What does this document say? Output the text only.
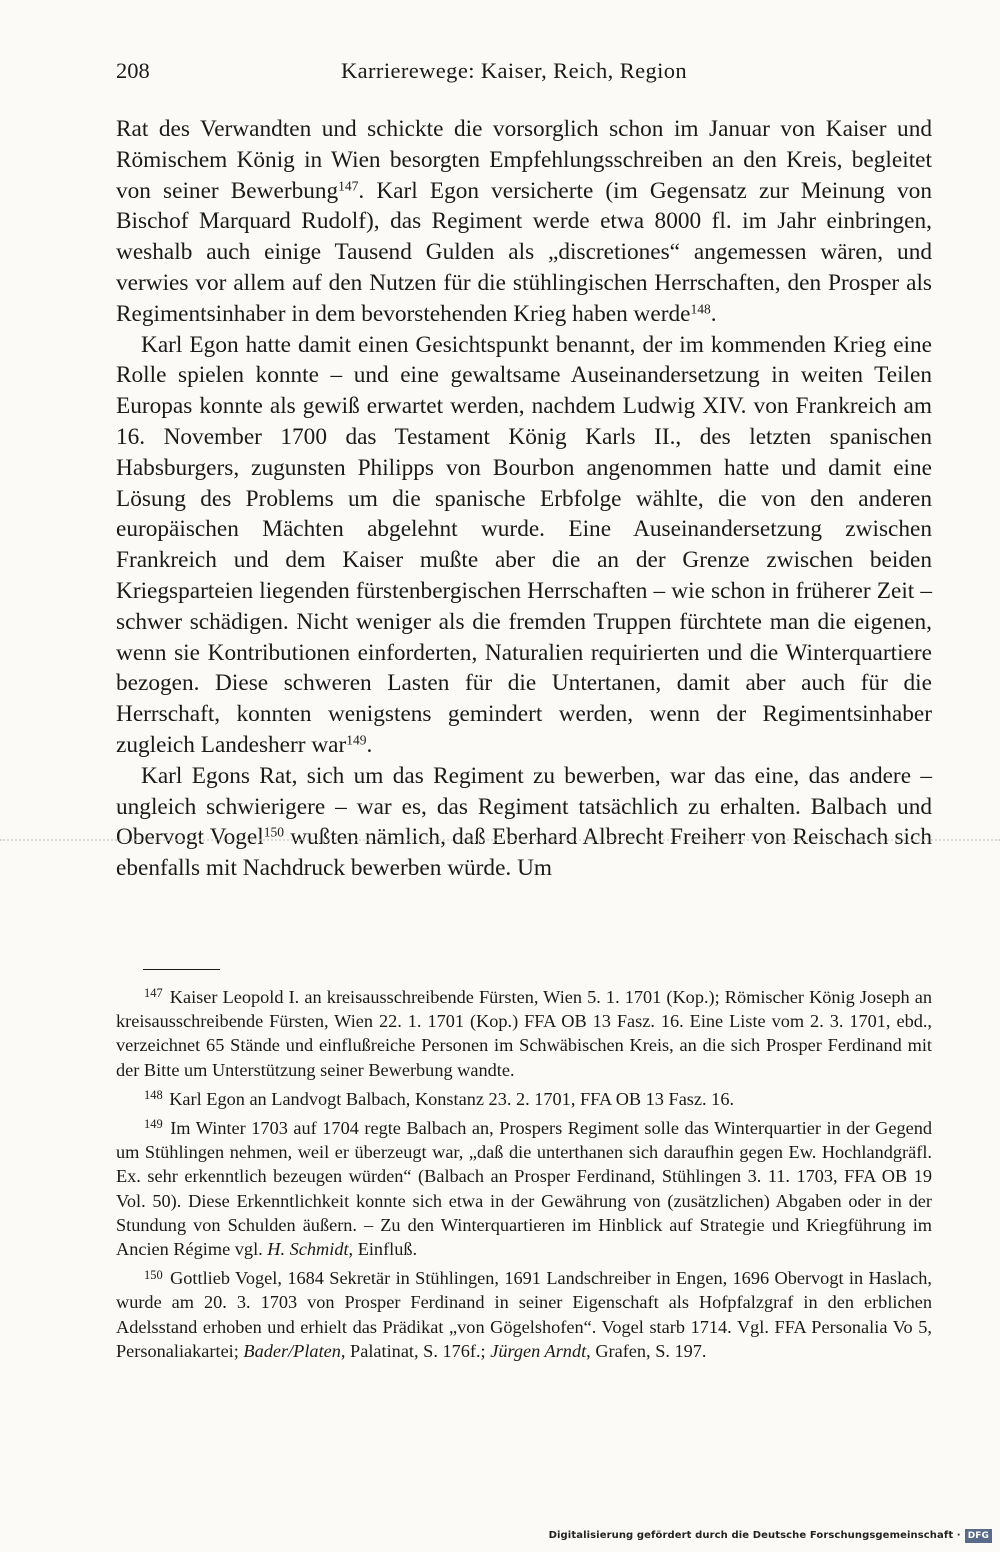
208	Karrierewege: Kaiser, Reich, Region

Rat des Verwandten und schickte die vorsorglich schon im Januar von Kaiser und Römischem König in Wien besorgten Empfehlungsschreiben an den Kreis, begleitet von seiner Bewerbung$^{147}$. Karl Egon versicherte (im Gegensatz zur Meinung von Bischof Marquard Rudolf), das Regiment werde etwa 8000 fl. im Jahr einbringen, weshalb auch einige Tausend Gulden als „discretiones“ angemessen wären, und verwies vor allem auf den Nutzen für die stühlingischen Herrschaften, den Prosper als Regimentsinhaber in dem bevorstehenden Krieg haben werde$^{148}$.

Karl Egon hatte damit einen Gesichtspunkt benannt, der im kommenden Krieg eine Rolle spielen konnte – und eine gewaltsame Auseinandersetzung in weiten Teilen Europas konnte als gewiß erwartet werden, nachdem Ludwig XIV. von Frankreich am 16. November 1700 das Testament König Karls II., des letzten spanischen Habsburgers, zugunsten Philipps von Bourbon angenommen hatte und damit eine Lösung des Problems um die spanische Erbfolge wählte, die von den anderen europäischen Mächten abgelehnt wurde. Eine Auseinandersetzung zwischen Frankreich und dem Kaiser mußte aber die an der Grenze zwischen beiden Kriegsparteien liegenden fürstenbergischen Herrschaften – wie schon in früherer Zeit – schwer schädigen. Nicht weniger als die fremden Truppen fürchtete man die eigenen, wenn sie Kontributionen einforderten, Naturalien requirierten und die Winterquartiere bezogen. Diese schweren Lasten für die Untertanen, damit aber auch für die Herrschaft, konnten wenigstens gemindert werden, wenn der Regimentsinhaber zugleich Landesherr war$^{149}$.

Karl Egons Rat, sich um das Regiment zu bewerben, war das eine, das andere – ungleich schwierigere – war es, das Regiment tatsächlich zu erhalten. Balbach und Obervogt Vogel$^{150}$ wußten nämlich, daß Eberhard Albrecht Freiherr von Reischach sich ebenfalls mit Nachdruck bewerben würde. Um

$^{147}$ Kaiser Leopold I. an kreisausschreibende Fürsten, Wien 5. 1. 1701 (Kop.); Römischer König Joseph an kreisausschreibende Fürsten, Wien 22. 1. 1701 (Kop.) FFA OB 13 Fasz. 16. Eine Liste vom 2. 3. 1701, ebd., verzeichnet 65 Stände und einflußreiche Personen im Schwäbischen Kreis, an die sich Prosper Ferdinand mit der Bitte um Unterstützung seiner Bewerbung wandte.

$^{148}$ Karl Egon an Landvogt Balbach, Konstanz 23. 2. 1701, FFA OB 13 Fasz. 16.

$^{149}$ Im Winter 1703 auf 1704 regte Balbach an, Prospers Regiment solle das Winterquartier in der Gegend um Stühlingen nehmen, weil er überzeugt war, „daß die unterthanen sich daraufhin gegen Ew. Hochlandgräfl. Ex. sehr erkenntlich bezeugen würden“ (Balbach an Prosper Ferdinand, Stühlingen 3. 11. 1703, FFA OB 19 Vol. 50). Diese Erkenntlichkeit konnte sich etwa in der Gewährung von (zusätzlichen) Abgaben oder in der Stundung von Schulden äußern. – Zu den Winterquartieren im Hinblick auf Strategie und Kriegführung im Ancien Régime vgl. H. Schmidt, Einfluß.

$^{150}$ Gottlieb Vogel, 1684 Sekretär in Stühlingen, 1691 Landschreiber in Engen, 1696 Obervogt in Haslach, wurde am 20. 3. 1703 von Prosper Ferdinand in seiner Eigenschaft als Hofpfalzgraf in den erblichen Adelsstand erhoben und erhielt das Prädikat „von Gögelshofen“. Vogel starb 1714. Vgl. FFA Personalia Vo 5, Personaliakartei; Bader/Platen, Palatinat, S. 176f.; Jürgen Arndt, Grafen, S. 197.

Digitalisierung gefördert durch die Deutsche Forschungsgemeinschaft · DFG
